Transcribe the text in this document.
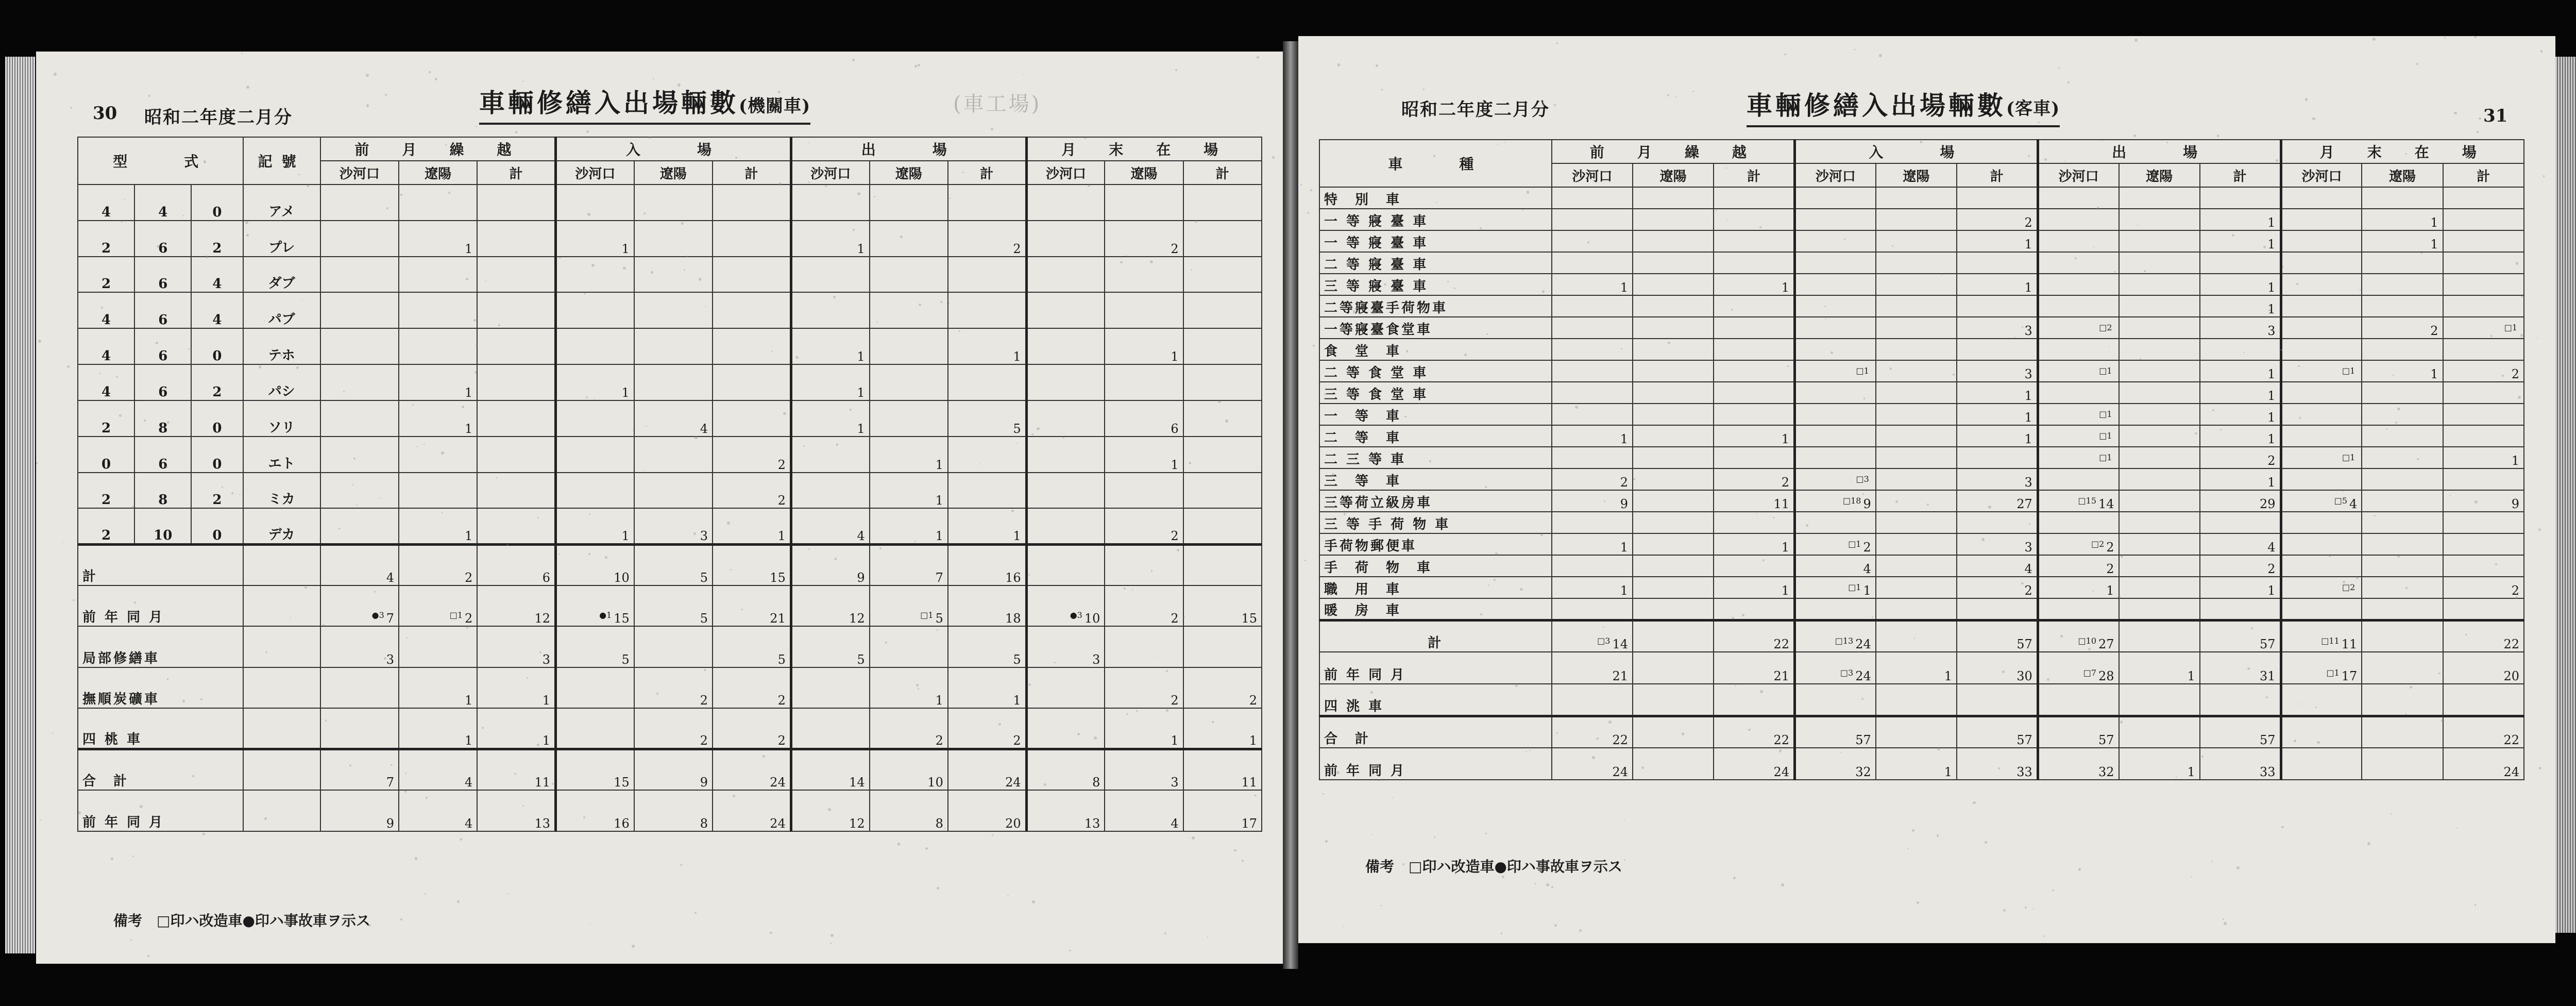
30 昭和二年度二月分	車輛修繕入出場輛數(機關車)	(車工場)
型　　式			記號	前　月　繰　越			入　　場			出　　場			月　末　在　場		
				沙河口	遼陽	計	沙河口	遼陽	計	沙河口	遼陽	計	沙河口	遼陽	計
4	4	0	アメ												
2	6	2	プレ		1		1			1		2		2	
2	6	4	ダブ												
4	6	4	パブ												
4	6	0	テホ							1		1		1	
4	6	2	パシ		1		1			1					
2	8	0	ソリ		1			4		1		5		6	
0	6	0	エト						2		1			1	
2	8	2	ミカ						2		1				
2	10	0	デカ		1		1	3	1	4	1	1		2	
計				4	2	6	10	5	15	9	7	16			
前 年 同 月				$^{●3}$ 7	$^{□1}$ 2	12	$^{●1}$ 15	5	21	12	$^{□1}$ 5	18	$^{●3}$ 10	2	15
局部修繕車				3		3	5		5	5		5	3		
撫順炭礦車					1	1		2	2		1	1		2	2
四 桃 車					1	1		2	2		2	2		1	1
合　計				7	4	11	15	9	24	14	10	24	8	3	11
前 年 同 月				9	4	13	16	8	24	12	8	20	13	4	17
備考　□印ハ改造車●印ハ事故車ヲ示ス
昭和二年度二月分	車輛修繕入出場輛數(客車)	31
車　　種	前　月　繰　越			入　　場			出　　場			月　末　在　場		
	沙河口	遼陽	計	沙河口	遼陽	計	沙河口	遼陽	計	沙河口	遼陽	計
特　別　車												
一 等 寢 臺 車						2			1		1	
一 等 寢 臺 車						1			1		1	
二 等 寢 臺 車												
三 等 寢 臺 車	1		1			1			1			
二等寢臺手荷物車									1			
一等寢臺食堂車						3	$^{□2}$		3		2	$^{□1}$
食　堂　車												
二 等 食 堂 車				$^{□1}$		3	$^{□1}$		1	$^{□1}$	1	2
三 等 食 堂 車						1			1			
一　等　車						1	$^{□1}$		1			
二　等　車	1		1			1	$^{□1}$		1			
二 三 等 車							$^{□1}$		2	$^{□1}$		1
三　等　車	2		2	$^{□3}$		3			1			
三等荷立級房車	9		11	$^{□18}$ 9		27	$^{□15}$ 14		29	$^{□5}$ 4		9
三 等 手 荷 物 車												
手荷物郵便車	1		1	$^{□1}$ 2		3	$^{□2}$ 2		4			
手　荷　物　車				4		4	2		2			
職　用　車	1		1	$^{□1}$ 1		2	1		1	$^{□2}$		2
暖　房　車												
計	$^{□3}$ 14		22	$^{□13}$ 24		57	$^{□10}$ 27		57	$^{□11}$ 11		22
前 年 同 月	21		21	$^{□3}$ 24	1	30	$^{□7}$ 28	1	31	$^{□1}$ 17		20
四 洮 車												
合　計	22		22	57		57	57		57			22
前 年 同 月	24		24	32	1	33	32	1	33			24
備考　□印ハ改造車●印ハ事故車ヲ示ス
